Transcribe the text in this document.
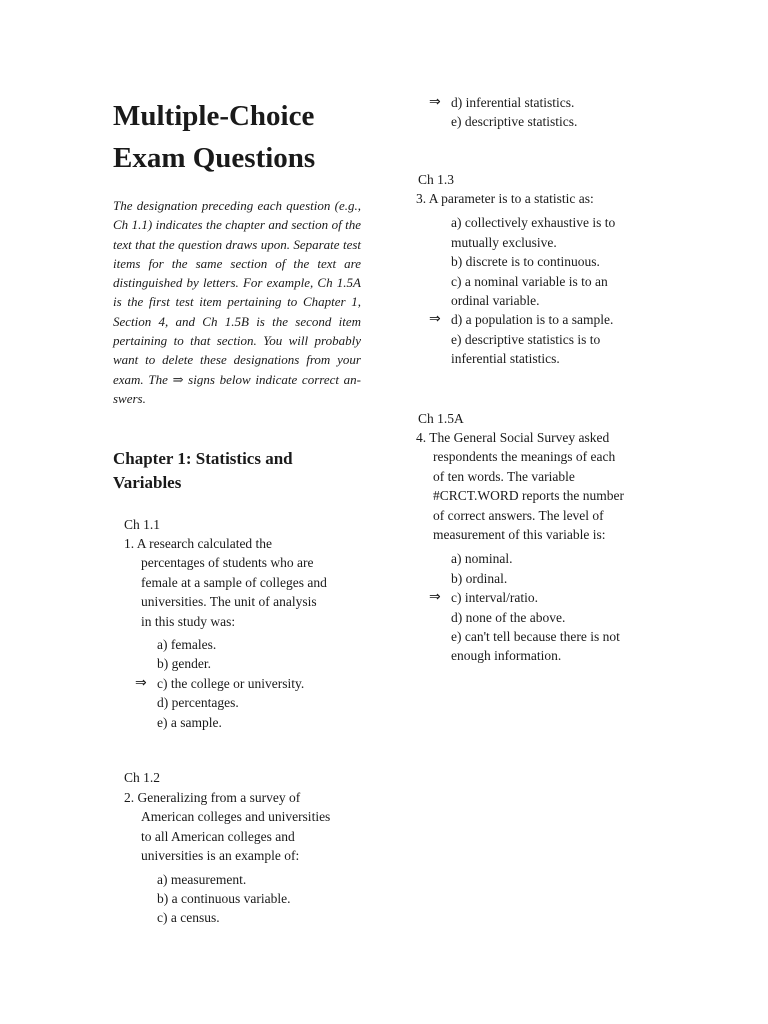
Multiple-Choice
Exam Questions

The designation preceding each question (e.g., Ch 1.1) indicates the chapter and section of the text that the question draws upon. Separate test items for the same section of the text are distinguished by letters. For example, Ch 1.5A is the first test item pertaining to Chapter 1, Section 4, and Ch 1.5B is the second item pertaining to that section. You will probably want to delete these designations from your exam. The ⇒ signs below indicate correct an- swers.

Chapter 1: Statistics and
Variables
Ch 1.1
1. A research calculated the
percentages of students who are
female at a sample of colleges and
universities. The unit of analysis
in this study was:
a) females.
b) gender.
⇒ c) the college or university.
d) percentages.
e) a sample.
Ch 1.2
2. Generalizing from a survey of
American colleges and universities
to all American colleges and
universities is an example of:
a) measurement.
b) a continuous variable.
c) a census.
⇒ d) inferential statistics.
e) descriptive statistics.
Ch 1.3
3. A parameter is to a statistic as:
a) collectively exhaustive is to
mutually exclusive.
b) discrete is to continuous.
c) a nominal variable is to an
ordinal variable.
⇒ d) a population is to a sample.
e) descriptive statistics is to
inferential statistics.
Ch 1.5A
4. The General Social Survey asked
respondents the meanings of each
of ten words. The variable
#CRCT.WORD reports the number
of correct answers. The level of
measurement of this variable is:
a) nominal.
b) ordinal.
⇒ c) interval/ratio.
d) none of the above.
e) can't tell because there is not
enough information.
